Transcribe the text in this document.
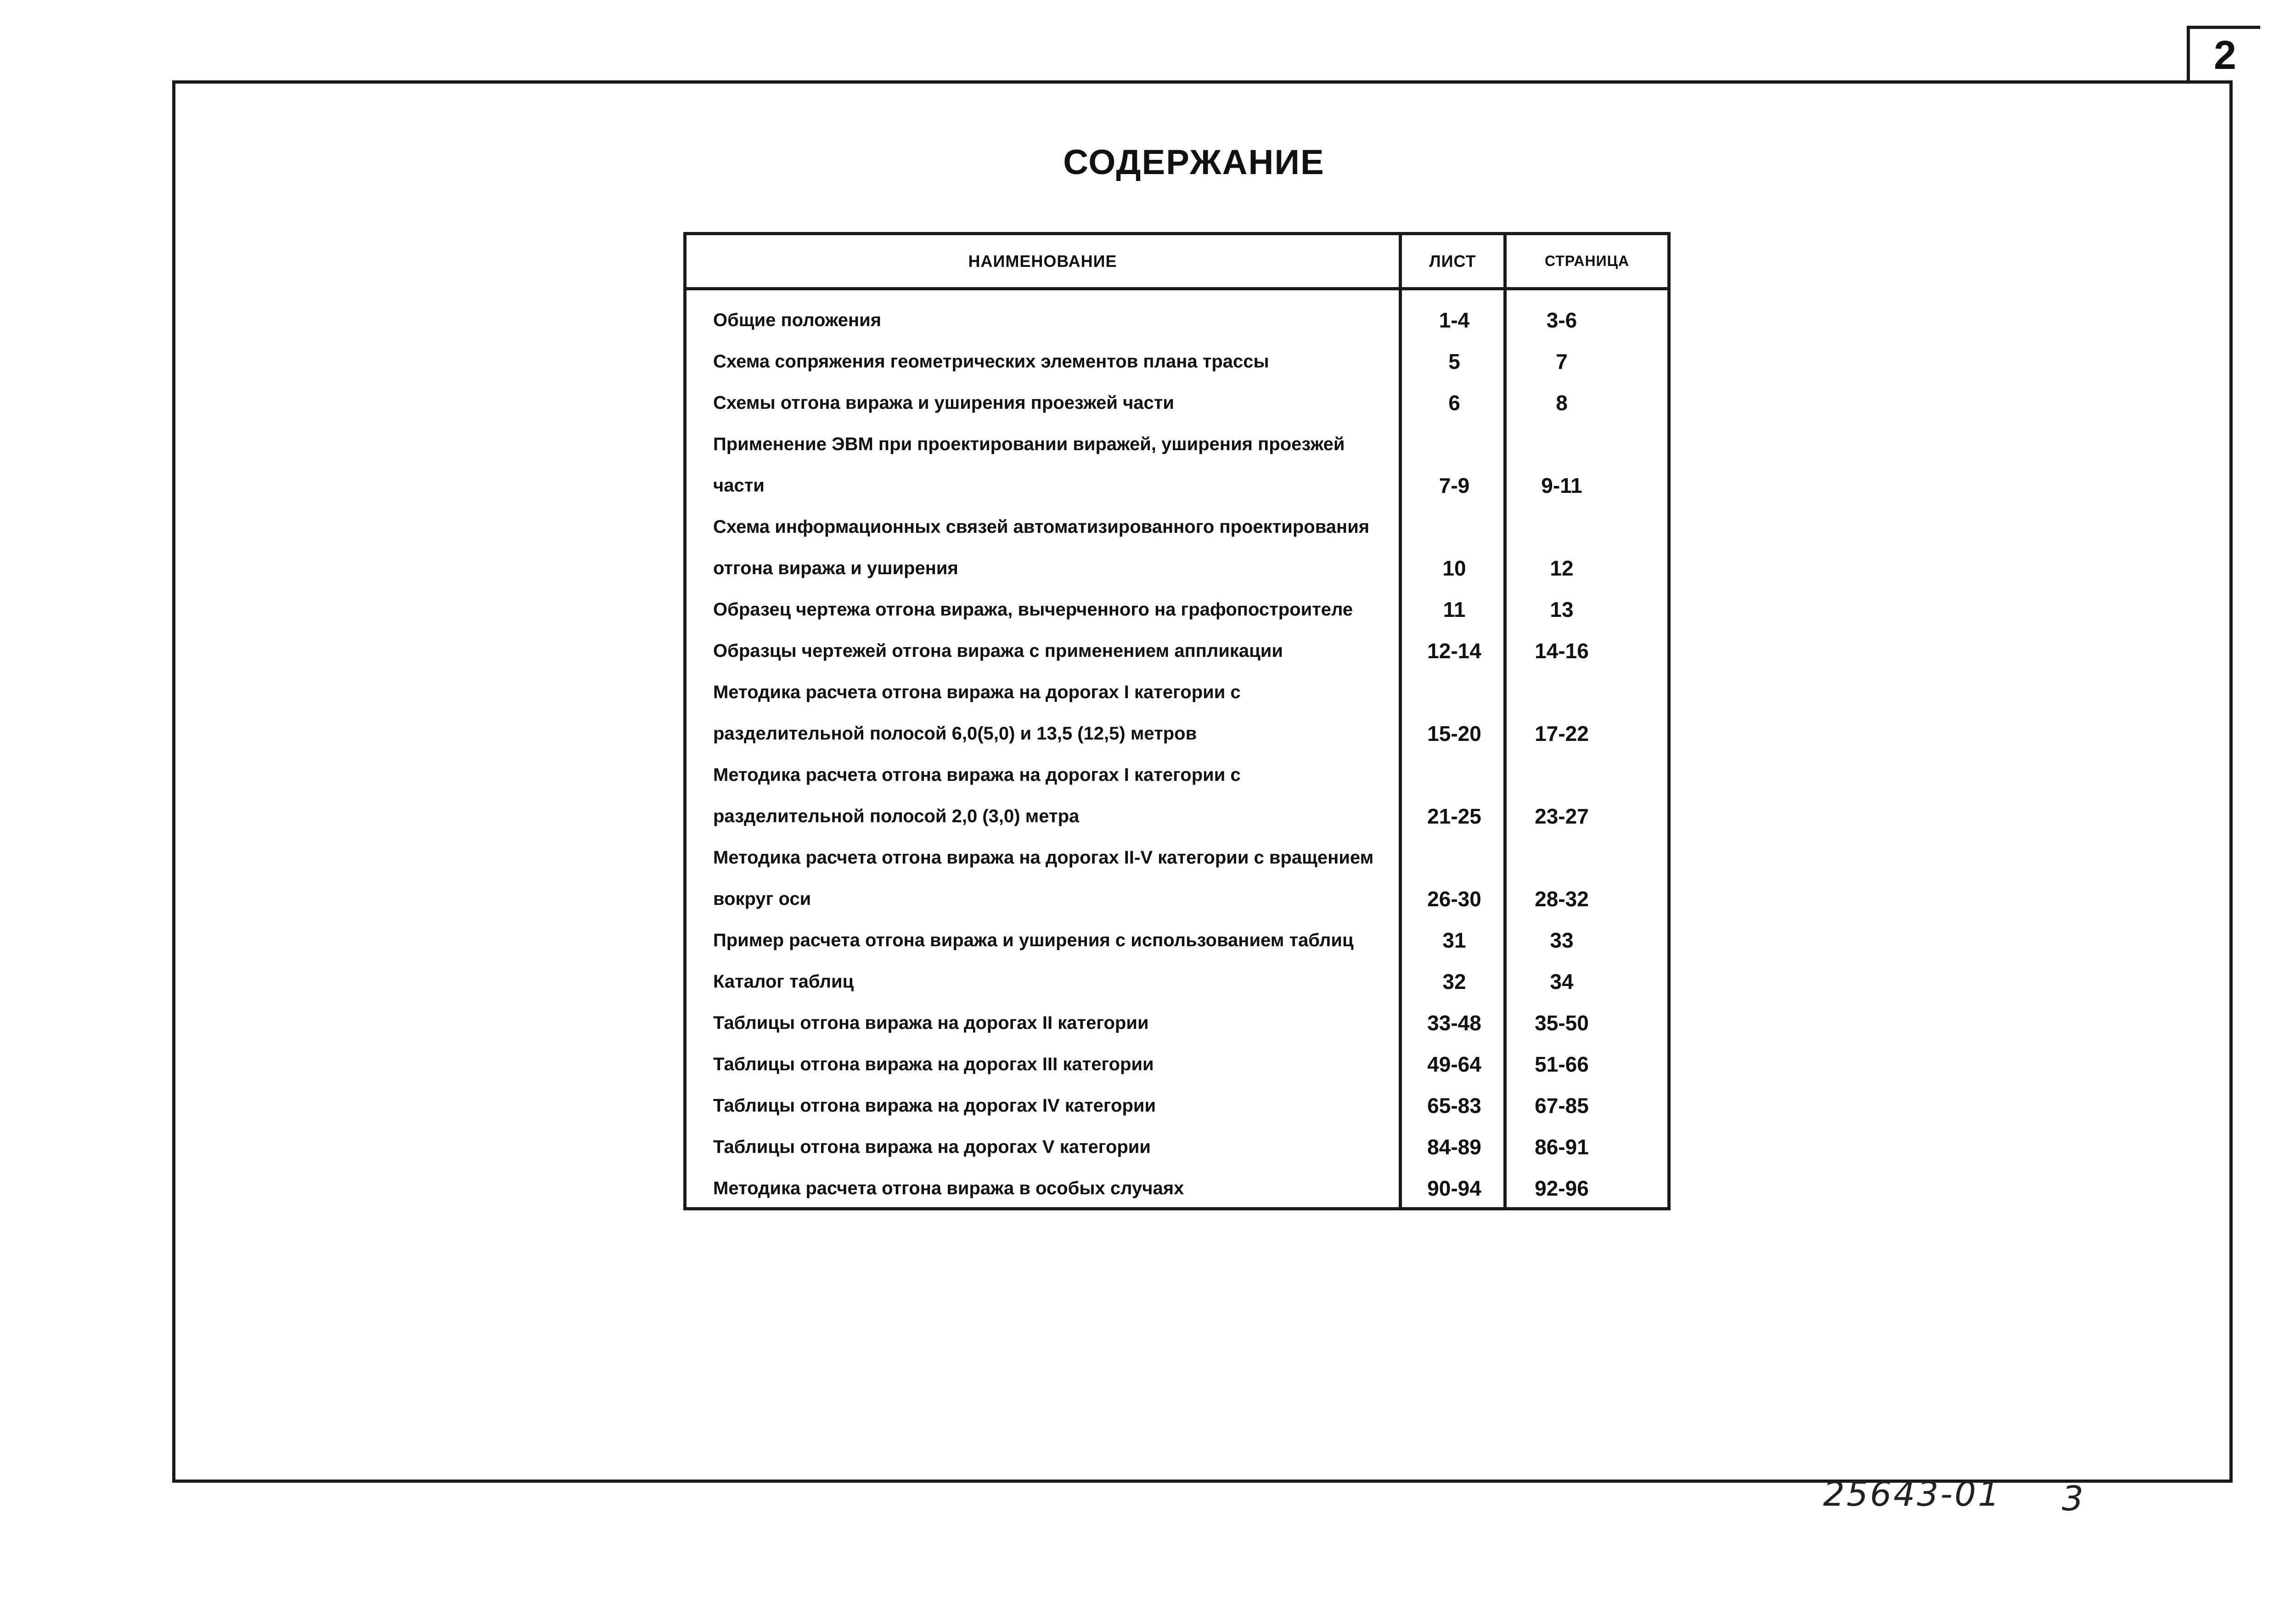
2
СОДЕРЖАНИЕ
НАИМЕНОВАНИЕ	ЛИСТ	СТРАНИЦА
Общие положения	1-4	3-6
Схема сопряжения геометрических элементов плана трассы	5	7
Схемы отгона виража и уширения проезжей части	6	8
Применение ЭВМ при проектировании виражей, уширения проезжей части	7-9	9-11
Схема информационных связей автоматизированного проектирования отгона виража и уширения	10	12
Образец чертежа отгона виража, вычерченного на графопостроителе	11	13
Образцы чертежей отгона виража с применением аппликации	12-14	14-16
Методика расчета отгона виража на дорогах I категории с разделительной полосой 6,0(5,0) и 13,5 (12,5) метров	15-20	17-22
Методика расчета отгона виража на дорогах I категории с разделительной полосой 2,0 (3,0) метра	21-25	23-27
Методика расчета отгона виража на дорогах II-V категории с вращением вокруг оси	26-30	28-32
Пример расчета отгона виража и уширения с использованием таблиц	31	33
Каталог таблиц	32	34
Таблицы отгона виража на дорогах II категории	33-48	35-50
Таблицы отгона виража на дорогах III категории	49-64	51-66
Таблицы отгона виража на дорогах IV категории	65-83	67-85
Таблицы отгона виража на дорогах V категории	84-89	86-91
Методика расчета отгона виража в особых случаях	90-94	92-96
25643-01 3
